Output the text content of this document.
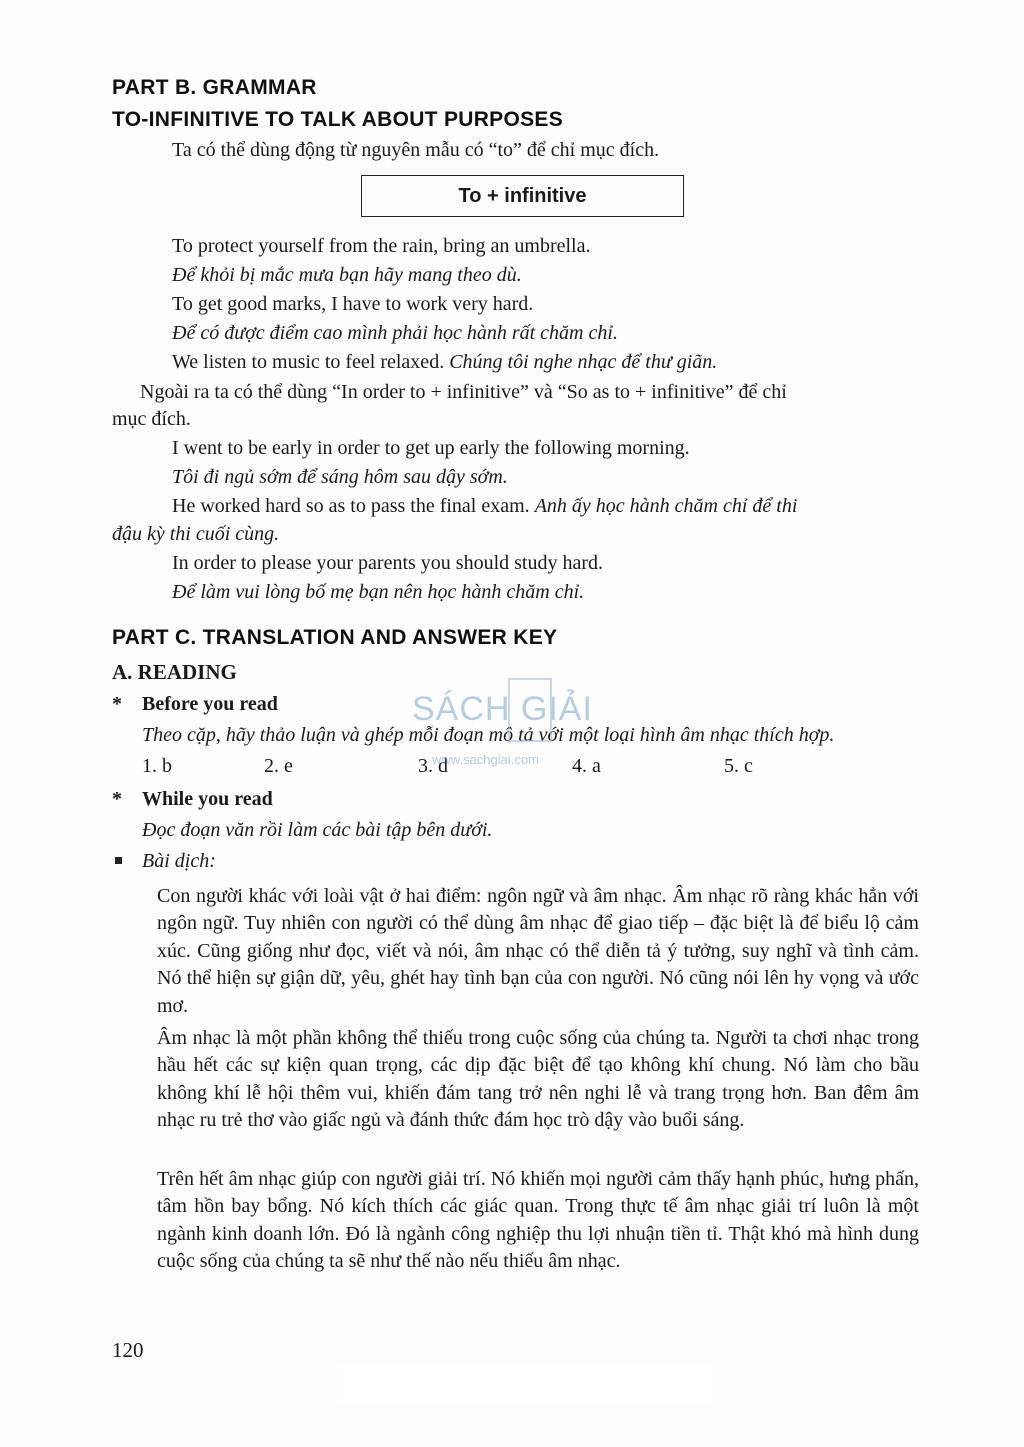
PART B. GRAMMAR
TO-INFINITIVE TO TALK ABOUT PURPOSES
Ta có thể dùng động từ nguyên mẫu có “to” để chỉ mục đích.
To + infinitive
To protect yourself from the rain, bring an umbrella.
Để khỏi bị mắc mưa bạn hãy mang theo dù.
To get good marks, I have to work very hard.
Để có được điểm cao mình phải học hành rất chăm chỉ.
We listen to music to feel relaxed. Chúng tôi nghe nhạc để thư giãn.
Ngoài ra ta có thể dùng “In order to + infinitive” và “So as to + infinitive” để chỉ
mục đích.
I went to be early in order to get up early the following morning.
Tôi đi ngủ sớm để sáng hôm sau dậy sớm.
He worked hard so as to pass the final exam. Anh ấy học hành chăm chỉ để thi
đậu kỳ thi cuối cùng.
In order to please your parents you should study hard.
Để làm vui lòng bố mẹ bạn nên học hành chăm chỉ.
PART C. TRANSLATION AND ANSWER KEY
A. READING
* Before you read
Theo cặp, hãy thảo luận và ghép mỗi đoạn mô tả với một loại hình âm nhạc thích hợp.
1. b	2. e	3. d	4. a	5. c
* While you read
Đọc đoạn văn rồi làm các bài tập bên dưới.
Bài dịch:
Con người khác với loài vật ở hai điểm: ngôn ngữ và âm nhạc. Âm nhạc rõ ràng khác hẳn với ngôn ngữ. Tuy nhiên con người có thể dùng âm nhạc để giao tiếp – đặc biệt là để biểu lộ cảm xúc. Cũng giống như đọc, viết và nói, âm nhạc có thể diễn tả ý tưởng, suy nghĩ và tình cảm. Nó thể hiện sự giận dữ, yêu, ghét hay tình bạn của con người. Nó cũng nói lên hy vọng và ước mơ.
Âm nhạc là một phần không thể thiếu trong cuộc sống của chúng ta. Người ta chơi nhạc trong hầu hết các sự kiện quan trọng, các dịp đặc biệt để tạo không khí chung. Nó làm cho bầu không khí lễ hội thêm vui, khiến đám tang trở nên nghi lễ và trang trọng hơn. Ban đêm âm nhạc ru trẻ thơ vào giấc ngủ và đánh thức đám học trò dậy vào buổi sáng.
Trên hết âm nhạc giúp con người giải trí. Nó khiến mọi người cảm thấy hạnh phúc, hưng phấn, tâm hồn bay bổng. Nó kích thích các giác quan. Trong thực tế âm nhạc giải trí luôn là một ngành kinh doanh lớn. Đó là ngành công nghiệp thu lợi nhuận tiền tỉ. Thật khó mà hình dung cuộc sống của chúng ta sẽ như thế nào nếu thiếu âm nhạc.
SÁCH GIẢI
www.sachgiai.com
120
